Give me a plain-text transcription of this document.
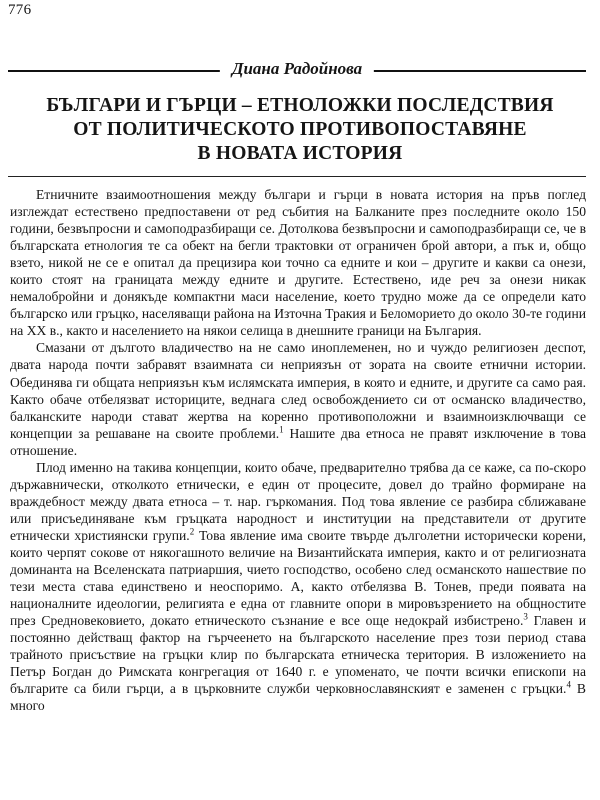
776
Диана Радойнова
БЪЛГАРИ И ГЪРЦИ – ЕТНОЛОЖКИ ПОСЛЕДСТВИЯ
ОТ ПОЛИТИЧЕСКОТО ПРОТИВОПОСТАВЯНЕ
В НОВАТА ИСТОРИЯ

Етничните взаимоотношения между българи и гърци в новата история на пръв поглед изглеждат естествено предпоставени от ред събития на Балканите през последните около 150 години, безвъпросни и самоподразбиращи се. Дотолкова безвъпросни и самоподразбиращи се, че в българската етнология те са обект на бегли трактовки от ограничен брой автори, а пък и, общо взето, никой не се е опитал да прецизира кои точно са едните и кои – другите и какви са онези, които стоят на границата между едните и другите. Естествено, иде реч за онези никак немалобройни и донякъде компактни маси население, което трудно може да се определи като българско или гръцко, населяващи района на Източна Тракия и Беломорието до около 30-те години на XX в., както и населението на някои селища в днешните граници на България.

Смазани от дългото владичество на не само иноплеменен, но и чуждо религиозен деспот, двата народа почти забравят взаимната си неприязън от зората на своите етнични истории. Обединява ги общата неприязън към ислямската империя, в която и едните, и другите са само рая. Както обаче отбелязват историците, веднага след освобождението си от османско владичество, балканските народи стават жертва на коренно противоположни и взаимноизключващи се концепции за решаване на своите проблеми.$^1$ Нашите два етноса не правят изключение в това отношение.

Плод именно на такива концепции, които обаче, предварително трябва да се каже, са по-скоро държавнически, отколкото етнически, е един от процесите, довел до трайно формиране на враждебност между двата етноса – т. нар. гъркомания. Под това явление се разбира сближаване или присъединяване към гръцката народност и институции на представители от другите етнически християнски групи.$^2$ Това явление има своите твърде дълголетни исторически корени, които черпят сокове от някогашното величие на Византийската империя, както и от религиозната доминанта на Вселенската патриаршия, чието господство, особено след османското нашествие по тези места става единствено и неоспоримо. А, както отбелязва В. Тонев, преди появата на националните идеологии, религията е една от главните опори в мировъзрението на общностите през Средновековието, докато етническото съзнание е все още недокрай избистрено.$^3$ Главен и постоянно действащ фактор на гърчеенето на българското население през този период става трайното присъствие на гръцки клир по българската етническа територия. В изложението на Петър Богдан до Римската конгрегация от 1640 г. е упоменато, че почти всички епископи на българите са били гърци, а в църковните служби черковнославянският е заменен с гръцки.$^4$ В много
